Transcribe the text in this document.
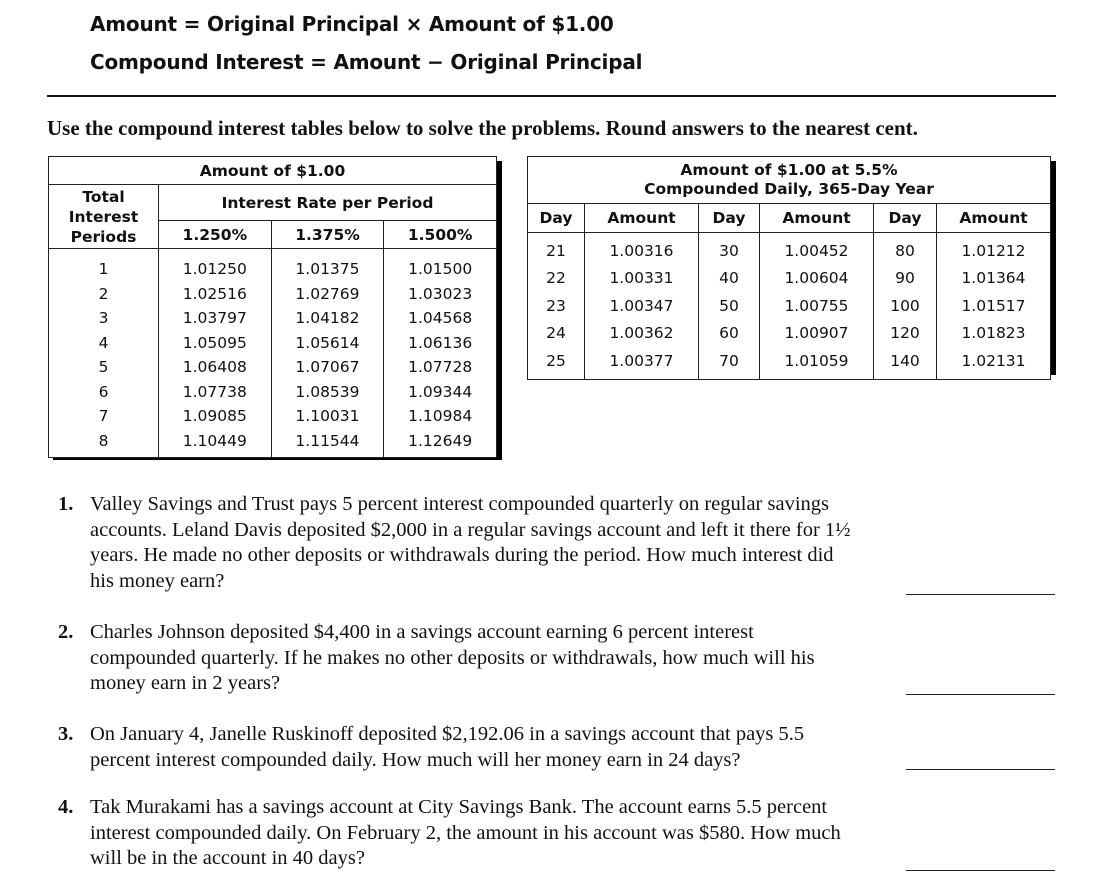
Amount = Original Principal × Amount of $1.00
Compound Interest = Amount − Original Principal
Use the compound interest tables below to solve the problems. Round answers to the nearest cent.
Amount of $1.00			
Total Interest Periods	Interest Rate per Period		
	1.250%	1.375%	1.500%
1	1.01250	1.01375	1.01500
2	1.02516	1.02769	1.03023
3	1.03797	1.04182	1.04568
4	1.05095	1.05614	1.06136
5	1.06408	1.07067	1.07728
6	1.07738	1.08539	1.09344
7	1.09085	1.10031	1.10984
8	1.10449	1.11544	1.12649
Amount of $1.00 at 5.5%
Compounded Daily, 365-Day Year					
Day	Amount	Day	Amount	Day	Amount
21	1.00316	30	1.00452	80	1.01212
22	1.00331	40	1.00604	90	1.01364
23	1.00347	50	1.00755	100	1.01517
24	1.00362	60	1.00907	120	1.01823
25	1.00377	70	1.01059	140	1.02131
1. Valley Savings and Trust pays 5 percent interest compounded quarterly on regular savings accounts. Leland Davis deposited $2,000 in a regular savings account and left it there for 1½ years. He made no other deposits or withdrawals during the period. How much interest did his money earn?
2. Charles Johnson deposited $4,400 in a savings account earning 6 percent interest compounded quarterly. If he makes no other deposits or withdrawals, how much will his money earn in 2 years?
3. On January 4, Janelle Ruskinoff deposited $2,192.06 in a savings account that pays 5.5 percent interest compounded daily. How much will her money earn in 24 days?
4. Tak Murakami has a savings account at City Savings Bank. The account earns 5.5 percent interest compounded daily. On February 2, the amount in his account was $580. How much will be in the account in 40 days?
